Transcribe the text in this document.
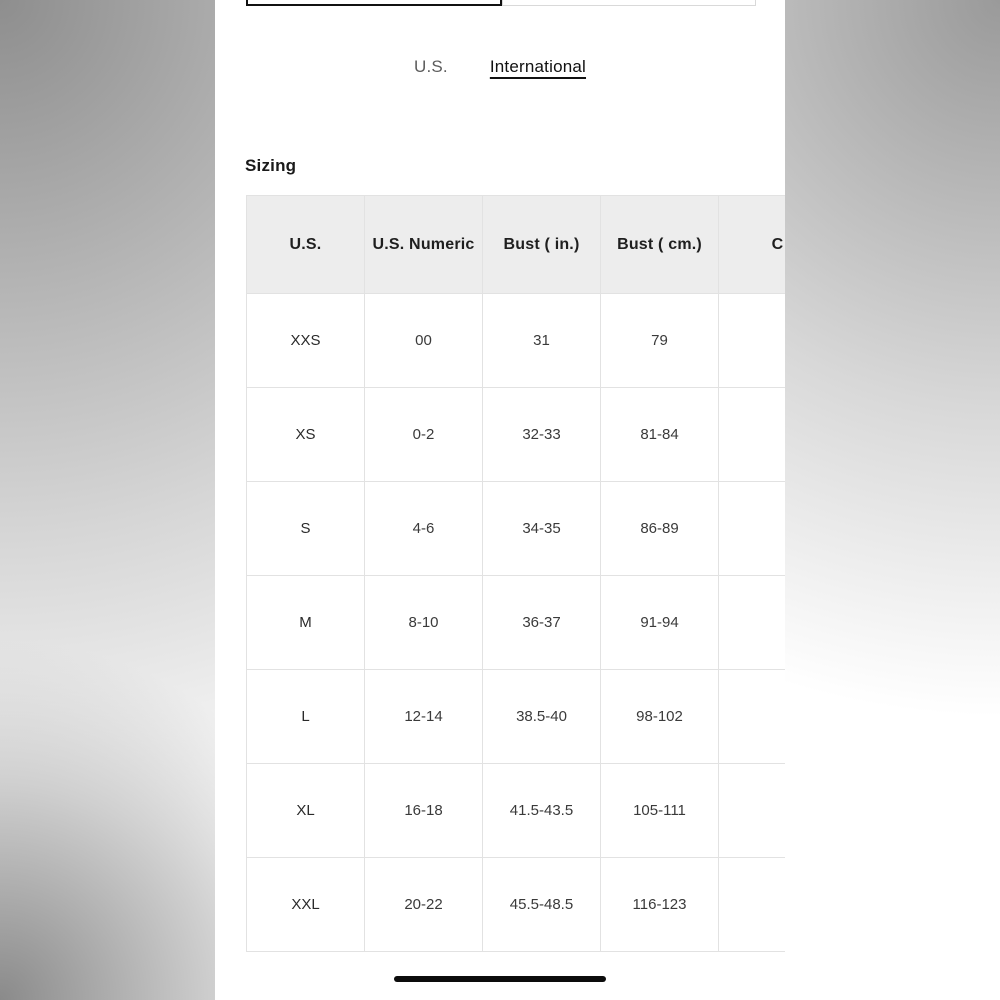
U.S. International
Sizing
U.S.	U.S. Numeric	Bust ( in.)	Bust ( cm.)	C	
XXS	00	31	79		
XS	0-2	32-33	81-84		
S	4-6	34-35	86-89		
M	8-10	36-37	91-94		
L	12-14	38.5-40	98-102		
XL	16-18	41.5-43.5	105-111		
XXL	20-22	45.5-48.5	116-123		
